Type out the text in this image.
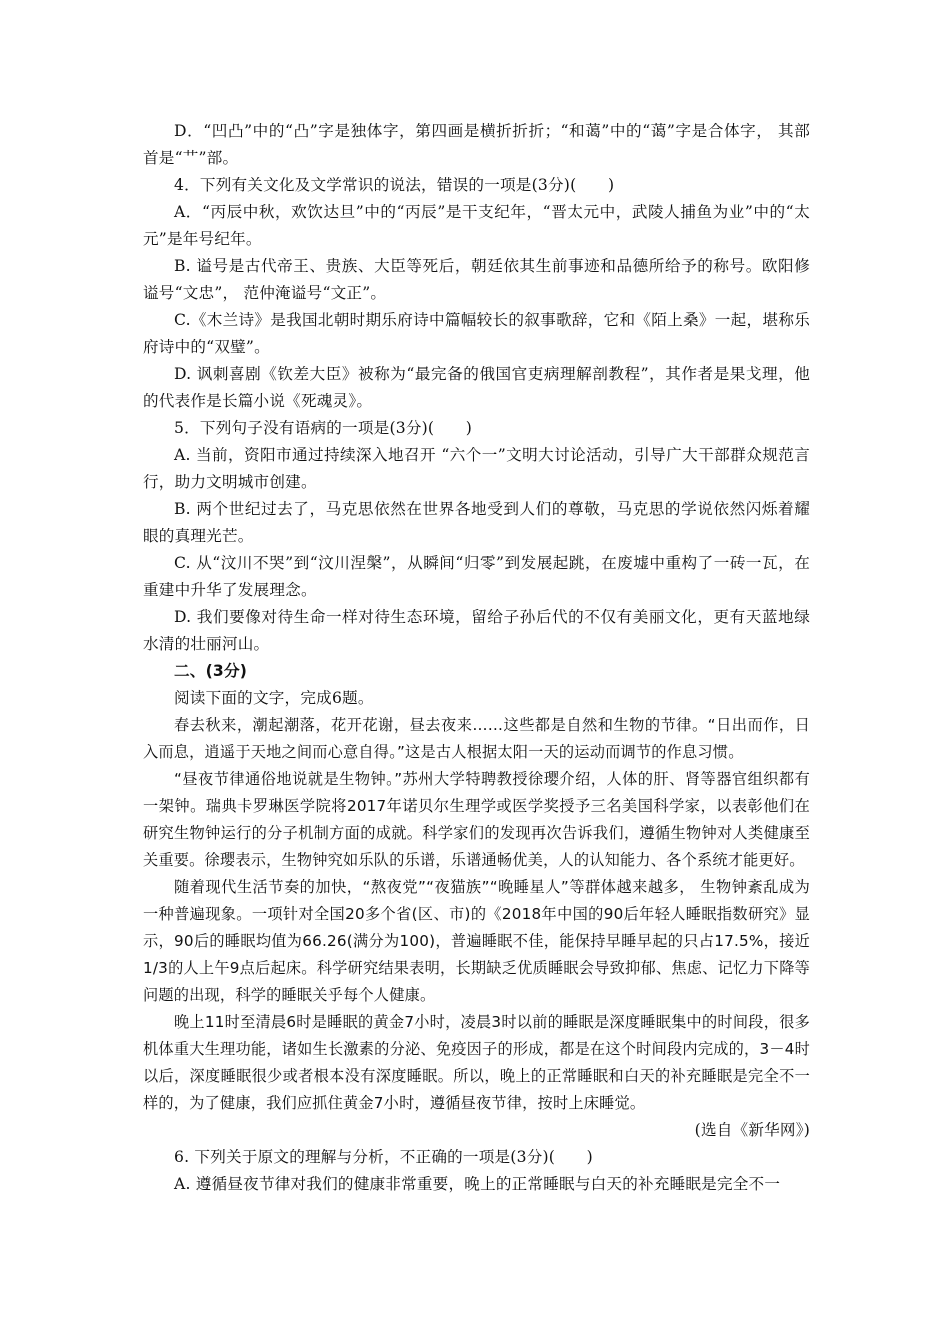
D．“凹凸”中的“凸”字是独体字，第四画是横折折折；“和蔼”中的“蔼”字是合体字， 其部首是“艹”部。

4．下列有关文化及文学常识的说法，错误的一项是(3分)(　　)

A．“丙辰中秋，欢饮达旦”中的“丙辰”是干支纪年，“晋太元中，武陵人捕鱼为业”中的“太元”是年号纪年。

B. 谥号是古代帝王、贵族、大臣等死后，朝廷依其生前事迹和品德所给予的称号。欧阳修谥号“文忠”， 范仲淹谥号“文正”。

C.《木兰诗》是我国北朝时期乐府诗中篇幅较长的叙事歌辞，它和《陌上桑》一起，堪称乐府诗中的“双璧”。

D. 讽刺喜剧《钦差大臣》被称为“最完备的俄国官吏病理解剖教程”，其作者是果戈理，他的代表作是长篇小说《死魂灵》。

5．下列句子没有语病的一项是(3分)(　　)

A. 当前，资阳市通过持续深入地召开 “六个一”文明大讨论活动，引导广大干部群众规范言行，助力文明城市创建。

B. 两个世纪过去了，马克思依然在世界各地受到人们的尊敬，马克思的学说依然闪烁着耀眼的真理光芒。

C. 从“汶川不哭”到“汶川涅槃”，从瞬间“归零”到发展起跳，在废墟中重构了一砖一瓦，在重建中升华了发展理念。

D. 我们要像对待生命一样对待生态环境，留给子孙后代的不仅有美丽文化，更有天蓝地绿水清的壮丽河山。

二、(3分)

阅读下面的文字，完成6题。

春去秋来，潮起潮落，花开花谢，昼去夜来……这些都是自然和生物的节律。“日出而作，日入而息，逍遥于天地之间而心意自得。”这是古人根据太阳一天的运动而调节的作息习惯。

“昼夜节律通俗地说就是生物钟。”苏州大学特聘教授徐璎介绍，人体的肝、肾等器官组织都有一架钟。瑞典卡罗琳医学院将2017年诺贝尔生理学或医学奖授予三名美国科学家，以表彰他们在研究生物钟运行的分子机制方面的成就。科学家们的发现再次告诉我们，遵循生物钟对人类健康至关重要。徐璎表示，生物钟究如乐队的乐谱，乐谱通畅优美，人的认知能力、各个系统才能更好。

随着现代生活节奏的加快，“熬夜党”“夜猫族”“晚睡星人”等群体越来越多， 生物钟紊乱成为一种普遍现象。一项针对全国20多个省(区、市)的《2018年中国的90后年轻人睡眠指数研究》显示，90后的睡眠均值为66.26(满分为100)，普遍睡眠不佳，能保持早睡早起的只占17.5%，接近1/3的人上午9点后起床。科学研究结果表明，长期缺乏优质睡眠会导致抑郁、焦虑、记忆力下降等问题的出现，科学的睡眠关乎每个人健康。

晚上11时至清晨6时是睡眠的黄金7小时，凌晨3时以前的睡眠是深度睡眠集中的时间段，很多机体重大生理功能，诸如生长激素的分泌、免疫因子的形成，都是在这个时间段内完成的，3－4时以后，深度睡眠很少或者根本没有深度睡眠。所以，晚上的正常睡眠和白天的补充睡眠是完全不一样的，为了健康，我们应抓住黄金7小时，遵循昼夜节律，按时上床睡觉。

(选自《新华网》)

6. 下列关于原文的理解与分析，不正确的一项是(3分)(　　)

A. 遵循昼夜节律对我们的健康非常重要，晚上的正常睡眠与白天的补充睡眠是完全不一
